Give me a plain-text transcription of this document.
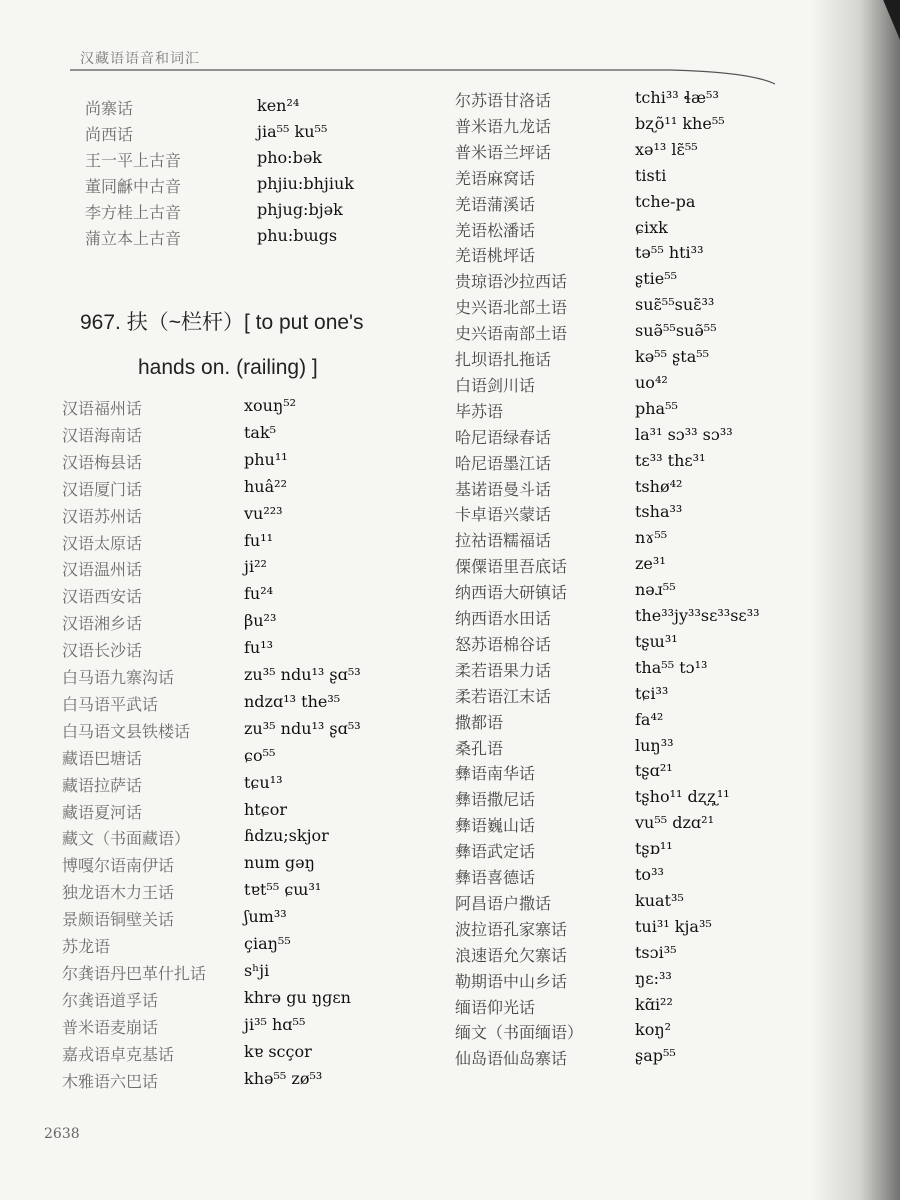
汉藏语语音和词汇
尚寨话	ken²⁴
尚西话	jia⁵⁵ ku⁵⁵
王一平上古音	pho:bək
董同龢中古音	phjiu:bhjiuk
李方桂上古音	phjug:bjək
蒲立本上古音	phu:bɯgs
967. 扶（~栏杆）[ to put one's
hands on. (railing) ]
汉语福州话	xouŋ⁵²
汉语海南话	tak⁵
汉语梅县话	phu¹¹
汉语厦门话	huâ²²
汉语苏州话	vu²²³
汉语太原话	fu¹¹
汉语温州话	ji²²
汉语西安话	fu²⁴
汉语湘乡话	βu²³
汉语长沙话	fu¹³
白马语九寨沟话	zu³⁵ ndu¹³ ʂɑ⁵³
白马语平武话	ndzɑ¹³ the³⁵
白马语文县铁楼话	zu³⁵ ndu¹³ ʂɑ⁵³
藏语巴塘话	ɕo⁵⁵
藏语拉萨话	tɕu¹³
藏语夏河话	htɕor
藏文（书面藏语）	ɦdzu;skjor
博嘎尔语南伊话	num gəŋ
独龙语木力王话	tɐt⁵⁵ ɕɯ³¹
景颇语铜壁关话	ʃum³³
苏龙语	çiaŋ⁵⁵
尔龚语丹巴革什扎话 sʰji
尔龚语道孚话	khrə gu ŋɡɛn
普米语麦崩话	ji³⁵ hɑ⁵⁵
嘉戎语卓克基话	kɐ scçor
木雅语六巴话	khə⁵⁵ zø⁵³
尔苏语甘洛话	tchi³³ ɬæ⁵³
普米语九龙话	bʐõ¹¹ khe⁵⁵
普米语兰坪话	xə¹³ lɛ̃⁵⁵
羌语麻窝话	tisti
羌语蒲溪话	tche-pa
羌语松潘话	ɕixk
羌语桃坪话	tə⁵⁵ hti³³
贵琼语沙拉西话	ʂtie⁵⁵
史兴语北部土语	suɛ̃⁵⁵suɛ̃³³
史兴语南部土语	suə̃⁵⁵suə̃⁵⁵
扎坝语扎拖话	kə⁵⁵ ʂta⁵⁵
白语剑川话	uo⁴²
毕苏语	pha⁵⁵
哈尼语绿春话	la³¹ sɔ³³ sɔ³³
哈尼语墨江话	tɛ³³ thɛ³¹
基诺语曼斗话	tshø⁴²
卡卓语兴蒙话	tsha³³
拉祜语糯福话	nɤ⁵⁵
傈僳语里吾底话	ze³¹
纳西语大研镇话	nəɹ⁵⁵
纳西语水田话	the³³jy³³sɛ³³sɛ³³
怒苏语棉谷话	tʂɯ³¹
柔若语果力话	tha⁵⁵ tɔ¹³
柔若语江末话	tɕi³³
撒都语	fa⁴²
桑孔语	luŋ³³
彝语南华话	tʂɑ²¹
彝语撒尼话	tʂho¹¹ dʐʐ̩¹¹
彝语巍山话	vu⁵⁵ dzɑ²¹
彝语武定话	tʂɒ¹¹
彝语喜德话	to³³
阿昌语户撒话	kuat³⁵
波拉语孔家寨话	tui³¹ kja³⁵
浪速语允欠寨话	tsɔi³⁵
勒期语中山乡话	ŋɛ:³³
缅语仰光话	kɑ̃i²²
缅文（书面缅语）	koŋ²
仙岛语仙岛寨话	ʂap⁵⁵
2638
